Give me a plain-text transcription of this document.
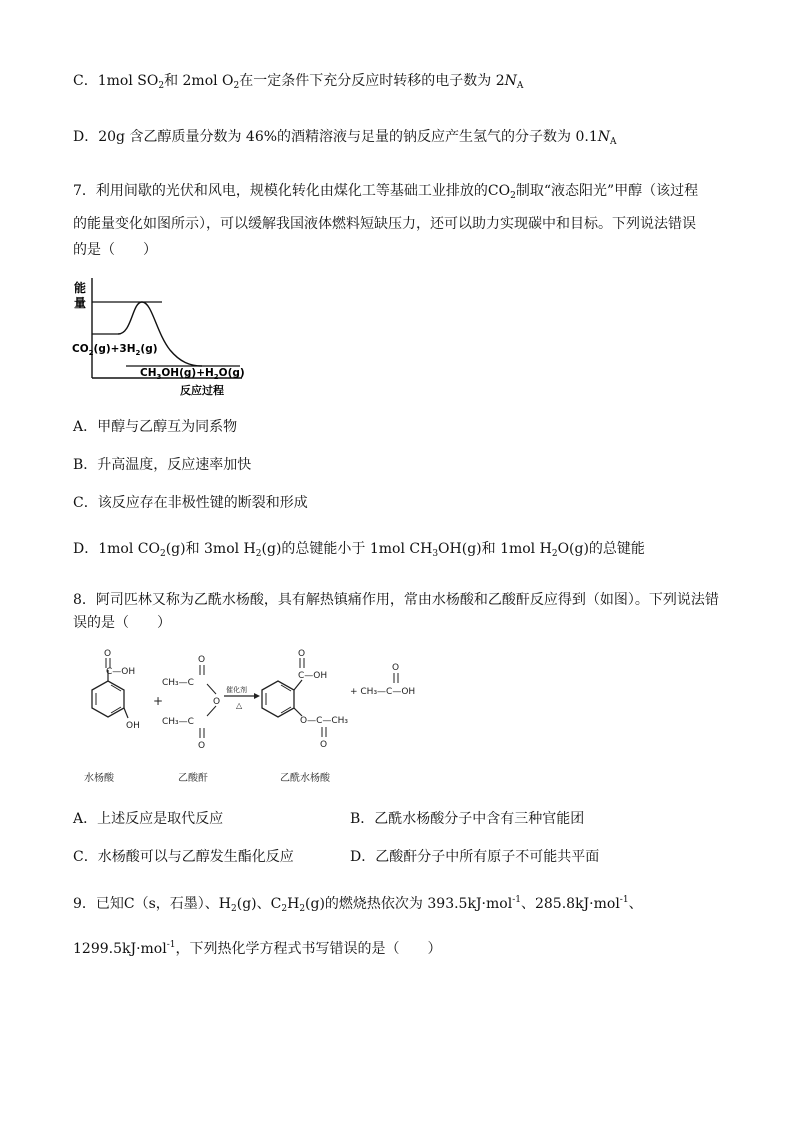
C．1mol $SO_2$和 2mol $O_2$在一定条件下充分反应时转移的电子数为 $2N_A$
D．20g 含乙醇质量分数为 46%的酒精溶液与足量的钠反应产生氢气的分子数为 $0.1N_A$
7．利用间歇的光伏和风电，规模化转化由煤化工等基础工业排放的$CO_2$制取“液态阳光”甲醇（该过程
的能量变化如图所示），可以缓解我国液体燃料短缺压力，还可以助力实现碳中和目标。下列说法错误
的是（　　）
能
量
$CO_2(g)+3H_2(g)$
$CH_3OH(g)+H_2O(g)$
反应过程
A．甲醇与乙醇互为同系物
B．升高温度，反应速率加快
C．该反应存在非极性键的断裂和形成
D．1mol $CO_2(g)$和 3mol $H_2(g)$的总键能小于 1mol $CH_3OH(g)$和 1mol $H_2O(g)$的总键能
8．阿司匹林又称为乙酰水杨酸，具有解热镇痛作用，常由水杨酸和乙酸酐反应得到（如图）。下列说法错
误的是（　　）
O
C—OH
OH
+
O
CH₃—C
O
CH₃—C
O
催化剂
△
O
C—OH
O—C—CH₃
O
O
+ CH₃—C—OH
水杨酸	乙酸酐	乙酰水杨酸
A．上述反应是取代反应	B．乙酰水杨酸分子中含有三种官能团
C．水杨酸可以与乙醇发生酯化反应	D．乙酸酐分子中所有原子不可能共平面
9．已知C（s，石墨）、$H_2(g)$、$C_2H_2(g)$的燃烧热依次为 393.5kJ·mol$^{-1}$、285.8kJ·mol$^{-1}$、
1299.5kJ·mol$^{-1}$，下列热化学方程式书写错误的是（　　）
